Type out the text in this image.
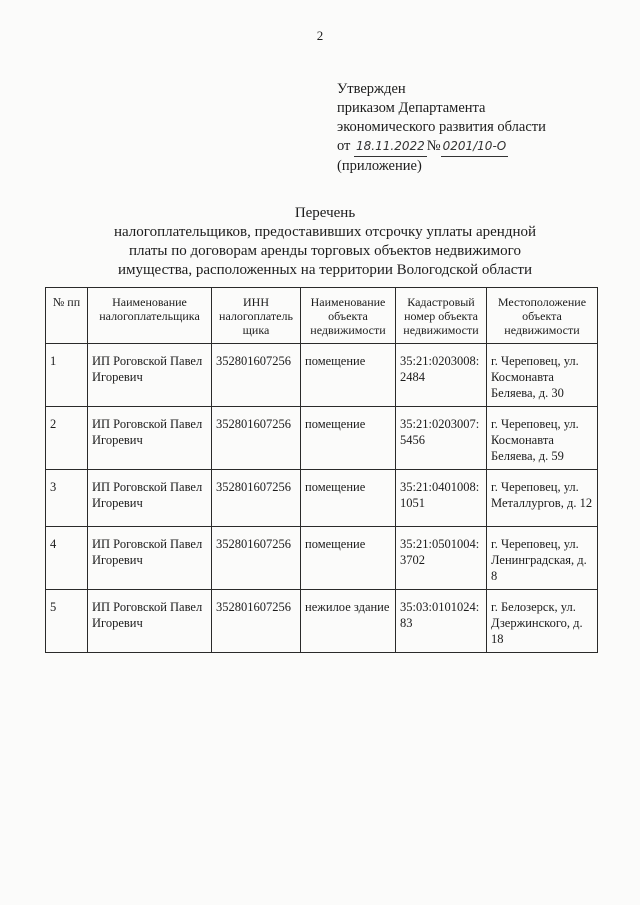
2
Утвержден
приказом Департамента
экономического развития области
от 18.11.2022 № 0201/10-О
(приложение)
Перечень
налогоплательщиков, предоставивших отсрочку уплаты арендной
платы по договорам аренды торговых объектов недвижимого
имущества, расположенных на территории Вологодской области
№ пп	Наименование налогоплательщика	ИНН налогоплатель щика	Наименование объекта недвижимости	Кадастровый номер объекта недвижимости	Местоположение объекта недвижимости
1	ИП Роговской Павел Игоревич	352801607256	помещение	35:21:0203008: 2484	г. Череповец, ул. Космонавта Беляева, д. 30
2	ИП Роговской Павел Игоревич	352801607256	помещение	35:21:0203007: 5456	г. Череповец, ул. Космонавта Беляева, д. 59
3	ИП Роговской Павел Игоревич	352801607256	помещение	35:21:0401008: 1051	г. Череповец, ул. Металлургов, д. 12
4	ИП Роговской Павел Игоревич	352801607256	помещение	35:21:0501004: 3702	г. Череповец, ул. Ленинградская, д. 8
5	ИП Роговской Павел Игоревич	352801607256	нежилое здание	35:03:0101024: 83	г. Белозерск, ул. Дзержинского, д. 18
